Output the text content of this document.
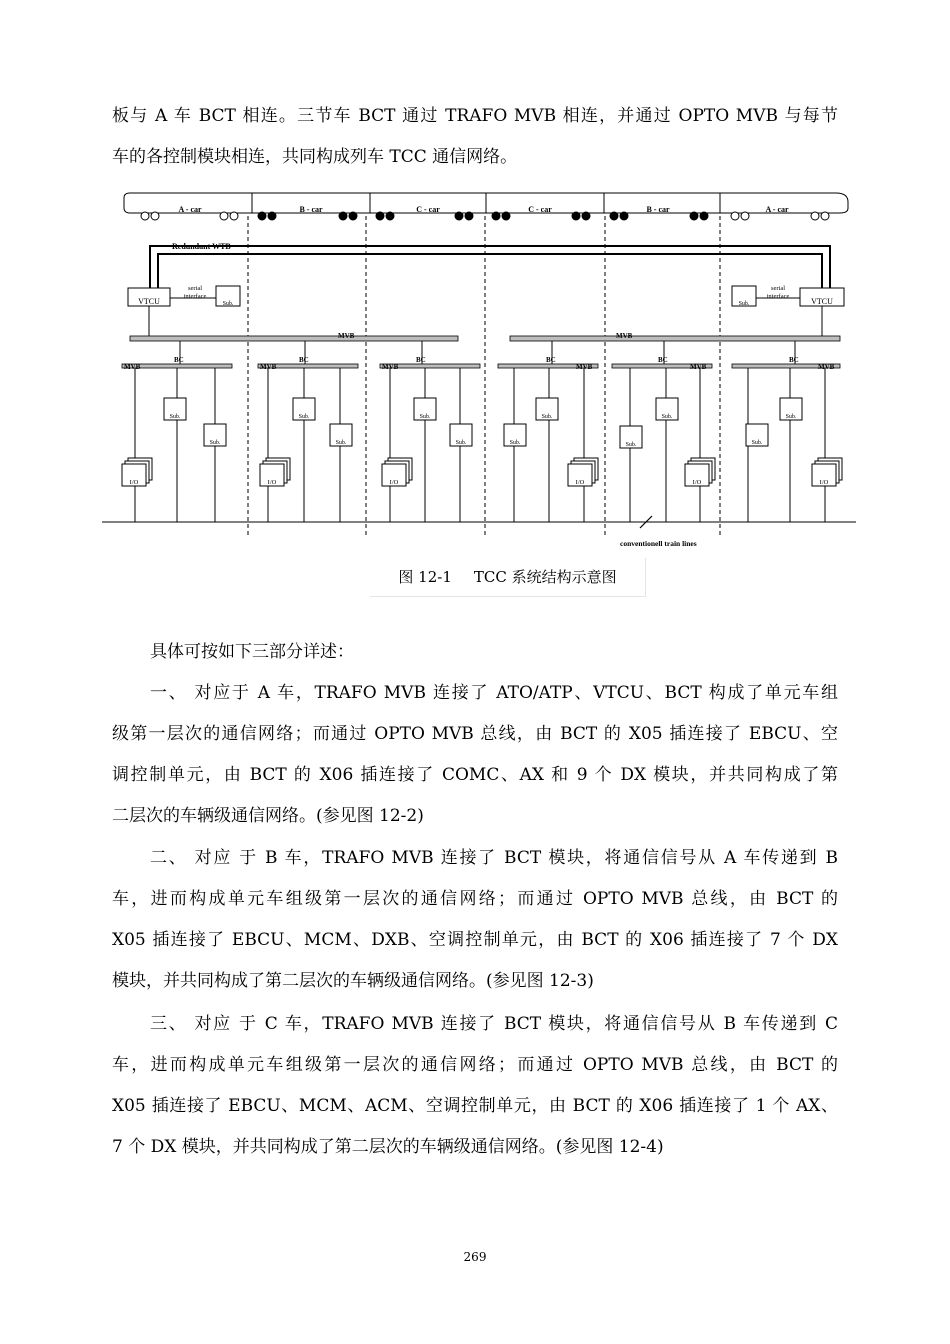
板与 A 车 BCT 相连。三节车 BCT 通过 TRAFO MVB 相连，并通过 OPTO MVB 与每节
车的各控制模块相连，共同构成列车 TCC 通信网络。
A - car	B - car	C - car	C - car	B - car	A - car
Redundant WTB
VTCU	Sub.
serial
interface
VTCU
Sub.
serial
interface
MVB	MVB
BC
MVB
Sub.
Sub.
I/O
BC
MVB
Sub.
Sub.
I/O
BC
MVB
Sub.
Sub.
I/O
BC
MVB
Sub.
Sub.
I/O
BC
MVB
Sub.
Sub.
I/O
BC
MVB
Sub.
Sub.
I/O
conventionell train lines
图 12-1 TCC 系统结构示意图
具体可按如下三部分详述：
一、 对应于 A 车，TRAFO MVB 连接了 ATO/ATP、VTCU、BCT 构成了单元车组
级第一层次的通信网络；而通过 OPTO MVB 总线，由 BCT 的 X05 插连接了 EBCU、空
调控制单元，由 BCT 的 X06 插连接了 COMC、AX 和 9 个 DX 模块，并共同构成了第
二层次的车辆级通信网络。(参见图 12-2)
二、 对应 于 B 车，TRAFO MVB 连接了 BCT 模块，将通信信号从 A 车传递到 B
车，进而构成单元车组级第一层次的通信网络；而通过 OPTO MVB 总线，由 BCT 的
X05 插连接了 EBCU、MCM、DXB、空调控制单元，由 BCT 的 X06 插连接了 7 个 DX
模块，并共同构成了第二层次的车辆级通信网络。(参见图 12-3)
三、 对应 于 C 车，TRAFO MVB 连接了 BCT 模块，将通信信号从 B 车传递到 C
车，进而构成单元车组级第一层次的通信网络；而通过 OPTO MVB 总线，由 BCT 的
X05 插连接了 EBCU、MCM、ACM、空调控制单元，由 BCT 的 X06 插连接了 1 个 AX、
7 个 DX 模块，并共同构成了第二层次的车辆级通信网络。(参见图 12-4)
269
